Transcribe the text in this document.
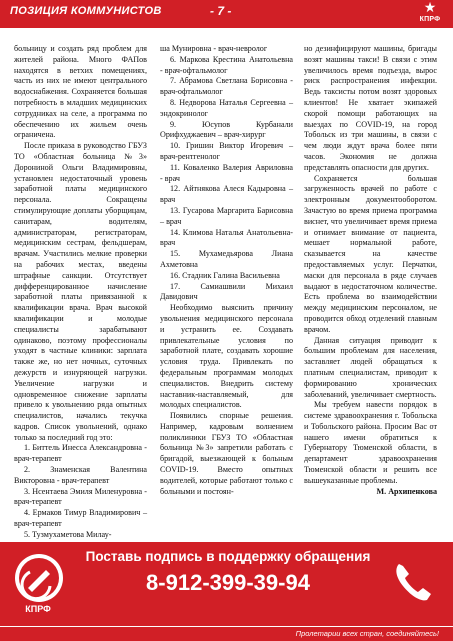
ПОЗИЦИЯ КОММУНИСТОВ	- 7 -	★
КПРФ

больницу и создать ряд проблем для жителей района. Много ФАПов находятся в ветхих помещениях, часть из них не имеют центрального водоснабжения. Сохраняется большая потребность в младших медицинских сотрудниках на селе, а программа по обеспечению их жильем очень ограничена.

После приказа в руководство ГБУЗ ТО «Областная больница №3» Дорониной Ольги Владимировны, установлен недостаточный уровень заработной платы медицинского персонала. Сокращены стимулирующие доплаты уборщицам, санитарам, водителям, администраторам, регистраторам, медицинским сестрам, фельдшерам, врачам. Участились мелкие проверки на рабочих местах, введены штрафные санкции. Отсутствует дифференцированное начисление заработной платы привязанной к квалификации врача. Врач высокой квалификации и молодые специалисты зарабатывают одинаково, поэтому профессионалы уходят в частные клиники: зарплата также же, но нет ночных, суточных дежурств и изнуряющей нагрузки. Увеличение нагрузки и одновременное снижение зарплаты привело к увольнению ряда опытных специалистов, начались текучка кадров. Список увольнений, однако только за последний год это:

1. Биттель Инесса Александровна - врач-терапевт

2. Знаменская Валентина Викторовна - врач-терапевт

3. Нсентаева Эмиля Миленуровна - врач-терапевт

4. Ермаков Тимур Владимирович – врач-терапевт

5. Тузмухаметова Милау-

ша Мунировна - врач-невролог

6. Маркова Крестина Анатольевна - врач-офтальмолог

7. Абрамова Светлана Борисовна - врач-офтальмолог

8. Недворова Наталья Сергеевна – эндокринолог

9. Юсупов Курбанали Орифхуджаевич – врач-хирург

10. Гришин Виктор Игоревич – врач-рентгенолог

11. Коваленко Валерия Авриловна - врач

12. Айтнякова Алеся Кадыровна – врач

13. Гусарова Маргарита Барисовна – врач

14. Климова Наталья Анатольевна- врач

15. Мухамедьярова Лиана Ахметовна

16. Стадник Галина Васильевна

17. Самиашвили Михаил Давидович

Необходимо выяснить причину увольнения медицинского персонала и устранить ее. Создавать привлекательные условия по заработной плате, создавать хорошие условия труда. Привлекать по федеральным программам молодых специалистов. Внедрить систему наставник-наставляемый, для молодых специалистов.

Появились спорные решения. Например, кадровым волнением поликлиники ГБУЗ ТО «Областная больница №3» запретили работать с бригадой, выезжающей к больным COVID-19. Вместо опытных водителей, которые работают только с больными и постоян-

но дезинфицируют машины, бригады возят машины такси! В связи с этим увеличилось время подъезда, вырос риск распространения инфекции. Ведь таксисты потом возят здоровых клиентов! Не хватает экипажей скорой помощи работающих на выездах по COVID-19, на город Тобольск из три машины, в связи с чем люди ждут врача более пяти часов. Экономия не должна представлять опасности для других.

Сохраняется большая загруженность врачей по работе с электронным документооборотом. Зачастую во время приема программа виснет, что увеличивает время приема и отнимает внимание от пациента, мешает нормальной работе, сказывается на качестве предоставляемых услуг. Перчатки, маски для персонала в ряде случаев выдают в недостаточном количестве. Есть проблема во взаимодействии между медицинским персоналом, не проводится обход отделений главным врачом.

Данная ситуация приводит к большим проблемам для населения, заставляет людей обращаться к платным специалистам, приводит к формированию хронических заболеваний, увеличивает смертность.

Мы требуем навести порядок в системе здравоохранения г. Тобольска и Тобольского района. Просим Вас от нашего имени обратиться к Губернатору Тюменской области, в департамент здравоохранения Тюменской области и решить все вышеуказанные проблемы.

М. Архипенкова

КПРФ
Поставь подпись в поддержку обращения
8-912-399-39-94
Пролетарии всех стран, соединяйтесь!
